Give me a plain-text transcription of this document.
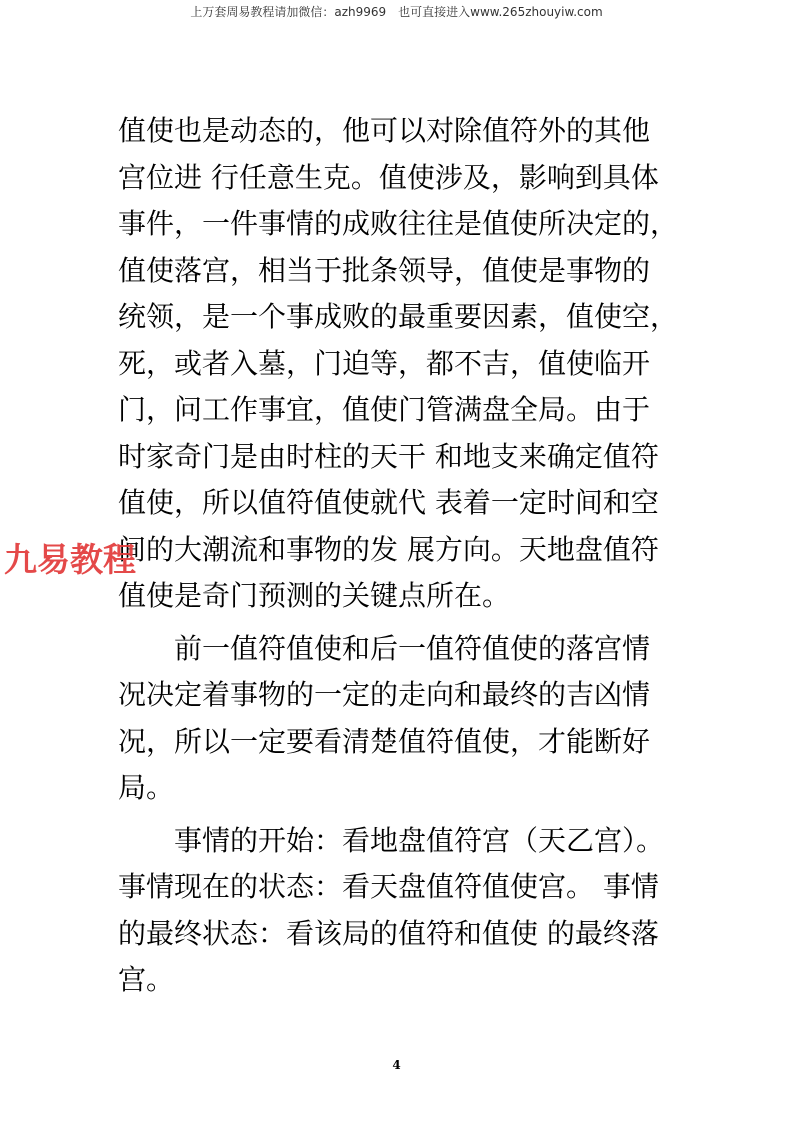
上万套周易教程请加微信：azh9969　也可直接进入www.265zhouyiw.com
值使也是动态的，他可以对除值符外的其他
宫位进 行任意生克。值使涉及，影响到具体
事件，一件事情的成败往往是值使所决定的，
值使落宫，相当于批条领导，值使是事物的
统领，是一个事成败的最重要因素，值使空，
死，或者入墓，门迫等，都不吉，值使临开
门，问工作事宜，值使门管满盘全局。由于
时家奇门是由时柱的天干 和地支来确定值符
值使，所以值符值使就代 表着一定时间和空
间的大潮流和事物的发 展方向。天地盘值符
值使是奇门预测的关键点所在。
前一值符值使和后一值符值使的落宫情
况决定着事物的一定的走向和最终的吉凶情
况，所以一定要看清楚值符值使，才能断好
局。
事情的开始：看地盘值符宫（天乙宫）。
事情现在的状态：看天盘值符值使宫。 事情
的最终状态：看该局的值符和值使 的最终落
宫。
九易教程
4
